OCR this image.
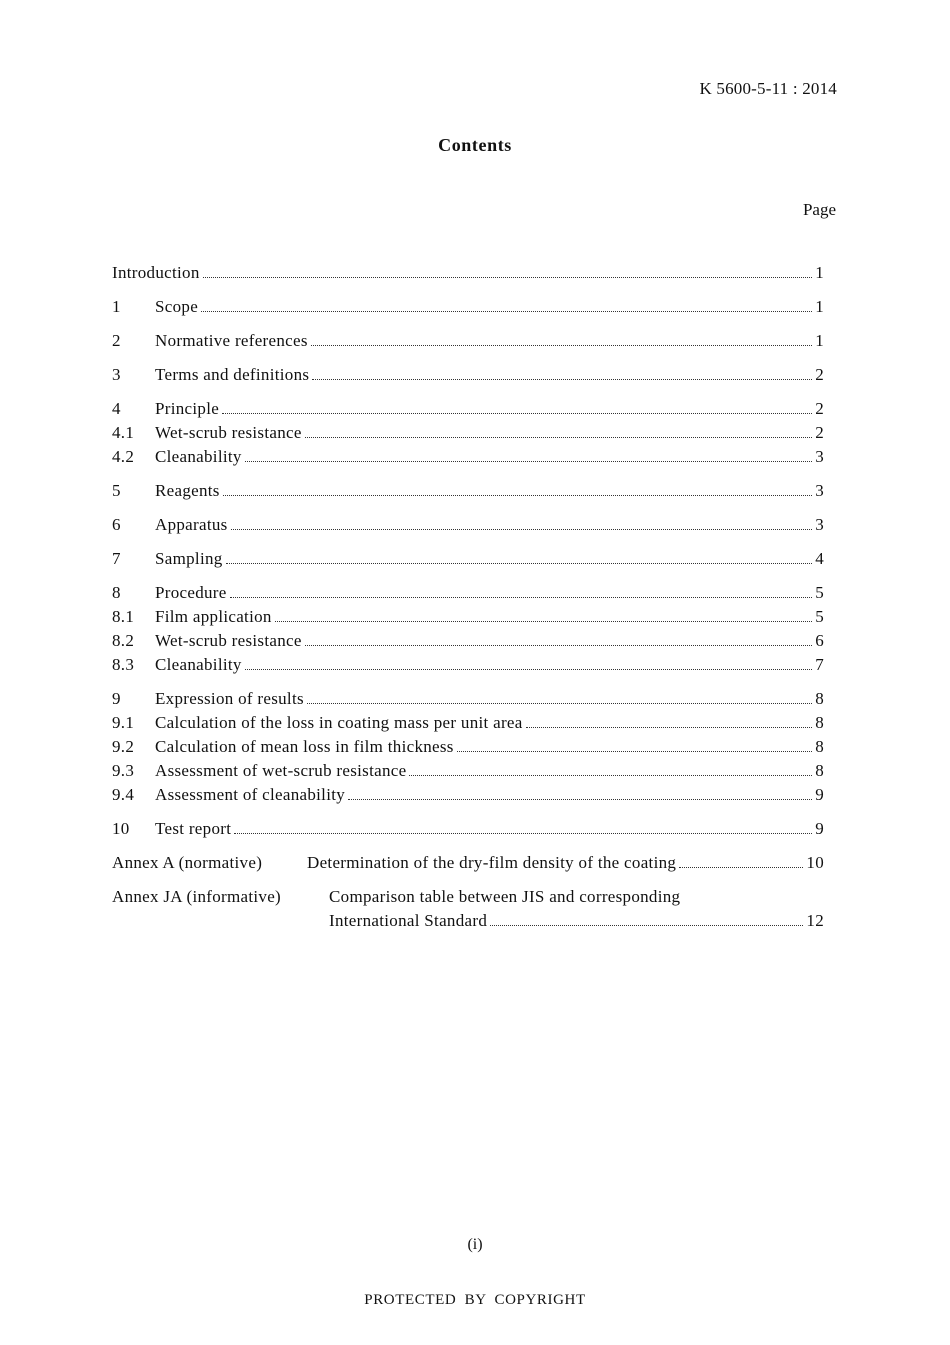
K 5600-5-11 : 2014
Contents
Page
Introduction	1
1	Scope	1
2	Normative references	1
3	Terms and definitions	2
4	Principle	2
4.1	Wet-scrub resistance	2
4.2	Cleanability	3
5	Reagents	3
6	Apparatus	3
7	Sampling	4
8	Procedure	5
8.1	Film application	5
8.2	Wet-scrub resistance	6
8.3	Cleanability	7
9	Expression of results	8
9.1	Calculation of the loss in coating mass per unit area	8
9.2	Calculation of mean loss in film thickness	8
9.3	Assessment of wet-scrub resistance	8
9.4	Assessment of cleanability	9
10	Test report	9
Annex A (normative)	Determination of the dry-film density of the coating	10
Annex JA (informative)	Comparison table between JIS and corresponding
International Standard	12
(i)
PROTECTED BY COPYRIGHT
